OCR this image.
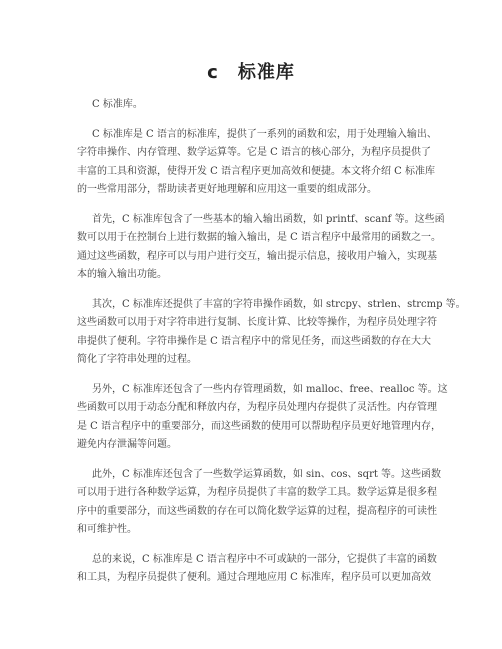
c　标准库

C 标准库。

C 标准库是 C 语言的标准库，提供了一系列的函数和宏，用于处理输入输出、
字符串操作、内存管理、数学运算等。它是 C 语言的核心部分，为程序员提供了
丰富的工具和资源，使得开发 C 语言程序更加高效和便捷。本文将介绍 C 标准库
的一些常用部分，帮助读者更好地理解和应用这一重要的组成部分。

首先，C 标准库包含了一些基本的输入输出函数，如 printf、scanf 等。这些函
数可以用于在控制台上进行数据的输入输出，是 C 语言程序中最常用的函数之一。
通过这些函数，程序可以与用户进行交互，输出提示信息，接收用户输入，实现基
本的输入输出功能。

其次，C 标准库还提供了丰富的字符串操作函数，如 strcpy、strlen、strcmp 等。
这些函数可以用于对字符串进行复制、长度计算、比较等操作，为程序员处理字符
串提供了便利。字符串操作是 C 语言程序中的常见任务，而这些函数的存在大大
简化了字符串处理的过程。

另外，C 标准库还包含了一些内存管理函数，如 malloc、free、realloc 等。这
些函数可以用于动态分配和释放内存，为程序员处理内存提供了灵活性。内存管理
是 C 语言程序中的重要部分，而这些函数的使用可以帮助程序员更好地管理内存，
避免内存泄漏等问题。

此外，C 标准库还包含了一些数学运算函数，如 sin、cos、sqrt 等。这些函数
可以用于进行各种数学运算，为程序员提供了丰富的数学工具。数学运算是很多程
序中的重要部分，而这些函数的存在可以简化数学运算的过程，提高程序的可读性
和可维护性。

总的来说，C 标准库是 C 语言程序中不可或缺的一部分，它提供了丰富的函数
和工具，为程序员提供了便利。通过合理地应用 C 标准库，程序员可以更加高效
